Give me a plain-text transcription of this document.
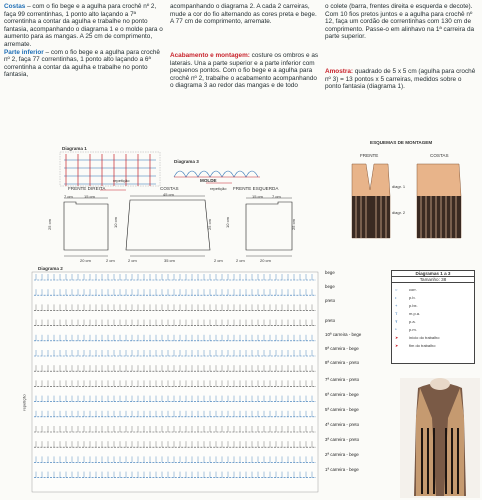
Costas – com o fio bege e a agulha para crochê nº 2, faça 99 correntinhas, 1 ponto alto laçando a 7ª correntinha a contar da agulha e trabalhe no ponto fantasia, acompanhando o diagrama 1 e o molde para o aumento para as mangas. A 25 cm de comprimento, arremate.
Parte inferior – com o fio bege e a agulha para crochê nº 2, faça 77 correntinhas, 1 ponto alto laçando a 6ª correntinha a contar da agulha e trabalhe no ponto fantasia,
acompanhando o diagrama 2. A cada 2 carreiras, mude a cor do fio alternando as cores preta e bege. A 77 cm de comprimento, arremate.
Acabamento e montagem: costure os ombros e as laterais. Una a parte superior e a parte inferior com pequenos pontos. Com o fio bege e a agulha para crochê nº 2, trabalhe o acabamento acompanhando o diagrama 3 ao redor das mangas e de todo
o colete (barra, frentes direita e esquerda e decote). Com 10 fios pretos juntos e a agulha para crochê nº 12, faça um cordão de correntinhas com 130 cm de comprimento. Passe-o em alinhavo na 1ª carreira da parte superior.
Amostra: quadrado de 5 x 5 cm (agulha para crochê nº 3) = 13 pontos x 5 carreiras, medidos sobre o ponto fantasia (diagrama 1).
Diagrama 1
repetição
Diagrama 3
repetição
ESQUEMAS DE MONTAGEM
FRENTE	COSTAS
diagr. 1
diagr. 2
MOLDE
FRENTE DIREITA	COSTAS	FRENTE ESQUERDA
7 cm	15 cm	45 cm	15 cm 7 cm
25 cm	10 cm	25 cm	10 cm
20 cm	2 cm	2 cm	35 cm	2 cm	2 cm	20 cm
25 cm
Diagrama 2
repetição
bege
bege
preto
preto
10ª carreira - bege
9ª carreira - bege
8ª carreira - preto
7ª carreira - preto
6ª carreira - bege
5ª carreira - bege
4ª carreira - preto
3ª carreira - preto
2ª carreira - bege
1ª carreira - bege
Diagramas 1 a 3
Tamanho: 38
○	corr.
•	p.b.
+	p.bx.
T	m.p.a.
Ŧ	p.a.
ᵒ	p.m.
➤	início do trabalho
➤	fim do trabalho
